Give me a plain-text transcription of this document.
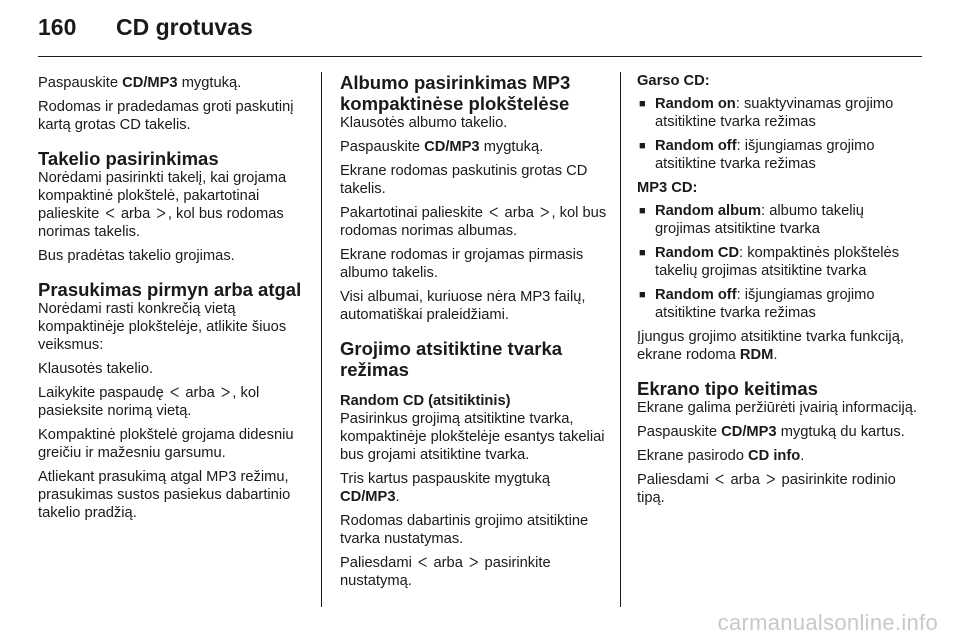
160	CD grotuvas

Paspauskite CD/MP3 mygtuką.

Rodomas ir pradedamas groti paskutinį kartą grotas CD takelis.

Takelio pasirinkimas

Norėdami pasirinkti takelį, kai grojama kompaktinė plokštelė, pakartotinai palieskite ᐸ arba ᐳ , kol bus rodomas norimas takelis.

Bus pradėtas takelio grojimas.

Prasukimas pirmyn arba atgal

Norėdami rasti konkrečią vietą kompaktinėje plokštelėje, atlikite šiuos veiksmus:

Klausotės takelio.

Laikykite paspaudę ᐸ arba ᐳ , kol pasieksite norimą vietą.

Kompaktinė plokštelė grojama didesniu greičiu ir mažesniu garsumu.

Atliekant prasukimą atgal MP3 režimu, prasukimas sustos pasiekus dabartinio takelio pradžią.

Albumo pasirinkimas MP3 kompaktinėse plokštelėse

Klausotės albumo takelio.

Paspauskite CD/MP3 mygtuką.

Ekrane rodomas paskutinis grotas CD takelis.

Pakartotinai palieskite ᐸ arba ᐳ , kol bus rodomas norimas albumas.

Ekrane rodomas ir grojamas pirmasis albumo takelis.

Visi albumai, kuriuose nėra MP3 failų, automatiškai praleidžiami.

Grojimo atsitiktine tvarka režimas
Random CD (atsitiktinis)

Pasirinkus grojimą atsitiktine tvarka, kompaktinėje plokštelėje esantys takeliai bus grojami atsitiktine tvarka.

Tris kartus paspauskite mygtuką CD/MP3.

Rodomas dabartinis grojimo atsitiktine tvarka nustatymas.

Paliesdami ᐸ arba ᐳ pasirinkite nustatymą.

Garso CD:

■ Random on: suaktyvinamas grojimo atsitiktine tvarka režimas
■ Random off: išjungiamas grojimo atsitiktine tvarka režimas

MP3 CD:

■ Random album: albumo takelių grojimas atsitiktine tvarka
■ Random CD: kompaktinės plokštelės takelių grojimas atsitiktine tvarka
■ Random off: išjungiamas grojimo atsitiktine tvarka režimas

Įjungus grojimo atsitiktine tvarka funkciją, ekrane rodoma RDM.

Ekrano tipo keitimas

Ekrane galima peržiūrėti įvairią informaciją.

Paspauskite CD/MP3 mygtuką du kartus.

Ekrane pasirodo CD info.

Paliesdami ᐸ arba ᐳ pasirinkite rodinio tipą.

carmanualsonline.info
